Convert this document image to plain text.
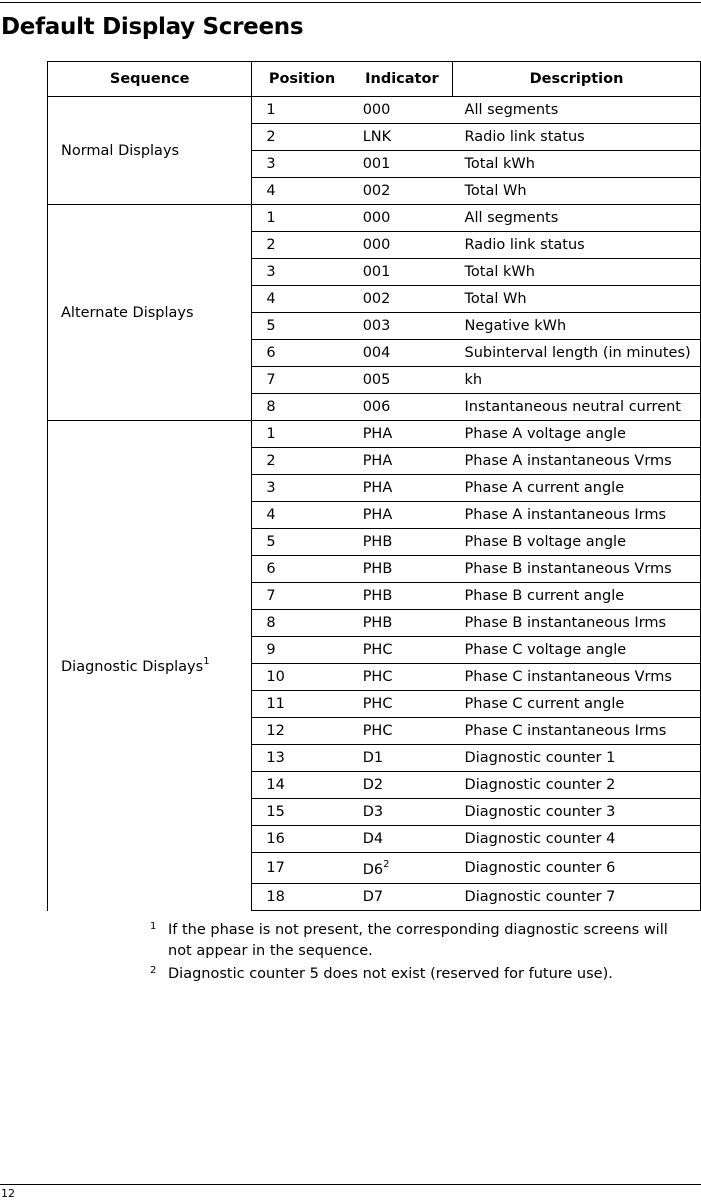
Default Display Screens
Sequence	Position	Indicator	Description
Normal Displays	1	000	All segments
	2	LNK	Radio link status
	3	001	Total kWh
	4	002	Total Wh
Alternate Displays	1	000	All segments
	2	000	Radio link status
	3	001	Total kWh
	4	002	Total Wh
	5	003	Negative kWh
	6	004	Subinterval length (in minutes)
	7	005	kh
	8	006	Instantaneous neutral current
Diagnostic Displays$^1$	1	PHA	Phase A voltage angle
	2	PHA	Phase A instantaneous Vrms
	3	PHA	Phase A current angle
	4	PHA	Phase A instantaneous Irms
	5	PHB	Phase B voltage angle
	6	PHB	Phase B instantaneous Vrms
	7	PHB	Phase B current angle
	8	PHB	Phase B instantaneous Irms
	9	PHC	Phase C voltage angle
	10	PHC	Phase C instantaneous Vrms
	11	PHC	Phase C current angle
	12	PHC	Phase C instantaneous Irms
	13	D1	Diagnostic counter 1
	14	D2	Diagnostic counter 2
	15	D3	Diagnostic counter 3
	16	D4	Diagnostic counter 4
	17	$D6^2$	Diagnostic counter 6
	18	D7	Diagnostic counter 7
1 If the phase is not present, the corresponding diagnostic screens will not appear in the sequence.
2 Diagnostic counter 5 does not exist (reserved for future use).
12
